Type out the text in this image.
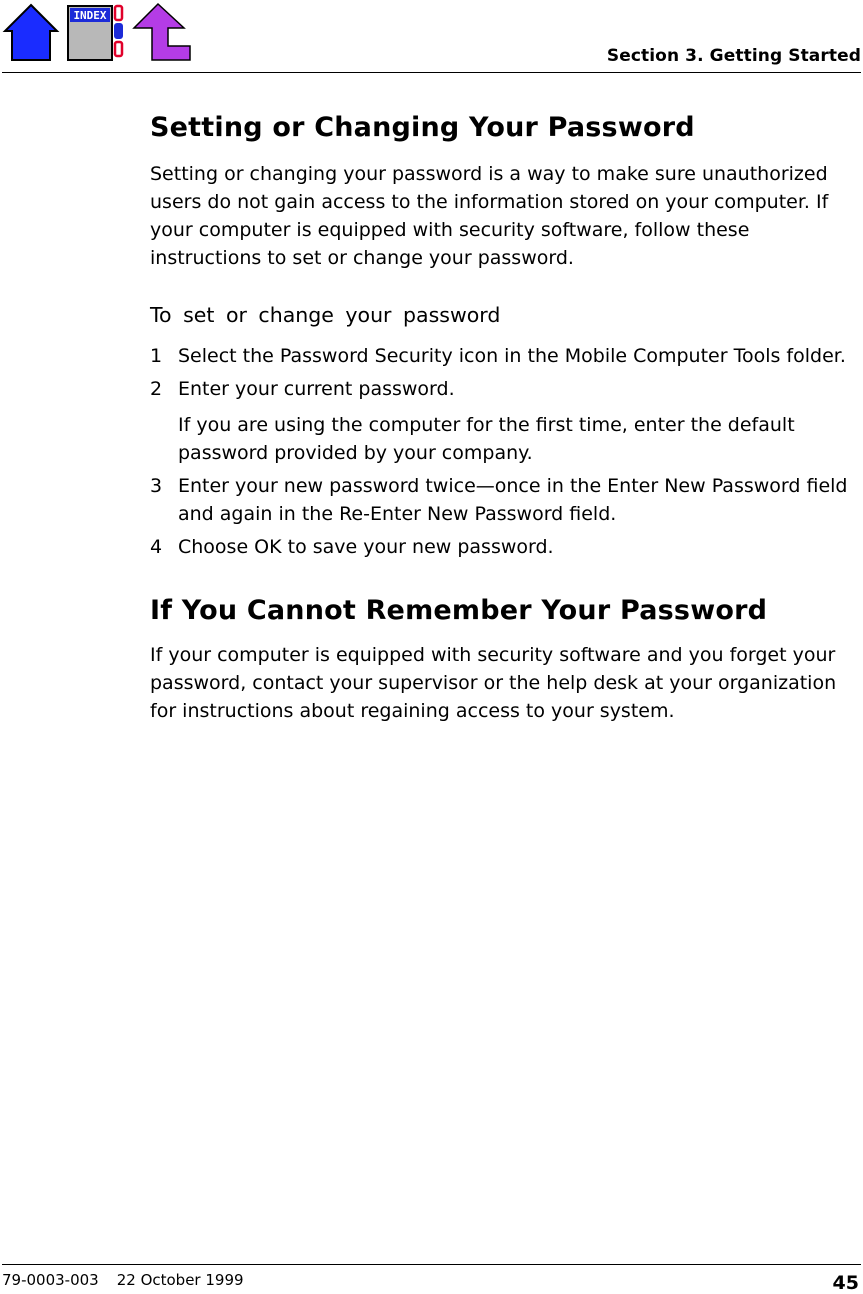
INDEX
Section 3. Getting Started
Setting or Changing Your Password

Setting or changing your password is a way to make sure unauthorized users do not gain access to the information stored on your computer. If your computer is equipped with security software, follow these instructions to set or change your password.

To set or change your password

1 Select the Password Security icon in the Mobile Computer Tools folder.
2 Enter your current password.
If you are using the computer for the first time, enter the default password provided by your company.
3 Enter your new password twice—once in the Enter New Password field and again in the Re-Enter New Password field.
4 Choose OK to save your new password.
If You Cannot Remember Your Password

If your computer is equipped with security software and you forget your password, contact your supervisor or the help desk at your organization for instructions about regaining access to your system.

79-0003-003 22 October 1999	45
